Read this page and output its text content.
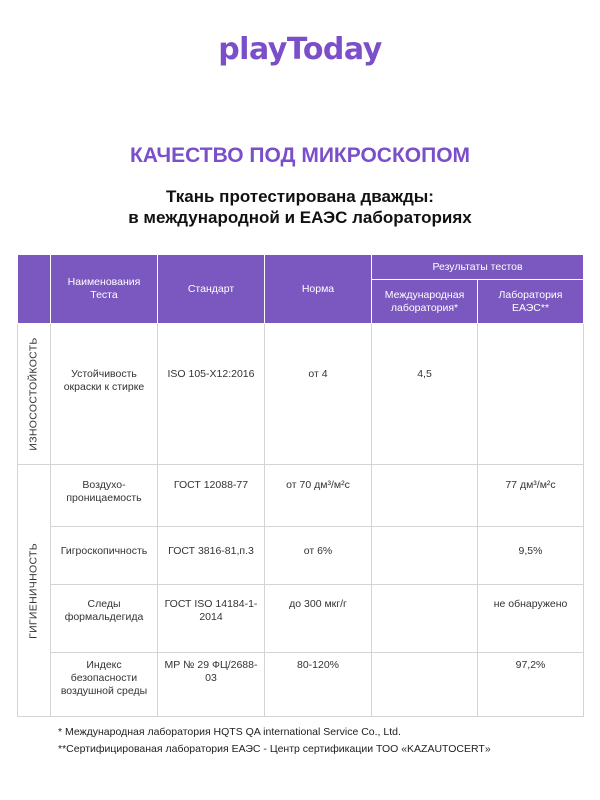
playToday
КАЧЕСТВО ПОД МИКРОСКОПОМ
Ткань протестирована дважды:
в международной и ЕАЭС лабораториях
	Наименования Теста	Стандарт	Норма	Результаты тестов	
				Международная лаборатория*	Лаборатория ЕАЭС**

ИЗНОСОСТОЙКОСТЬ	Устойчивость окраски к стирке	ISO 105-X12:2016	от 4	4,5	

ГИГИЕНИЧНОСТЬ	Воздухо-проницаемость	ГОСТ 12088-77	от 70 дм³/м²с		77 дм³/м²с
	Гигроскопичность	ГОСТ 3816-81,п.3	от 6%		9,5%
	Следы формальдегида	ГОСТ ISO 14184-1-2014	до 300 мкг/г		не обнаружено
	Индекс безопасности воздушной среды	МР № 29 ФЦ/2688-03	80-120%		97,2%
* Международная лаборатория HQTS QA international Service Co., Ltd.
**Сертифицированая лаборатория ЕАЭС - Центр сертификации ТОО «KAZAUTOCERT»
